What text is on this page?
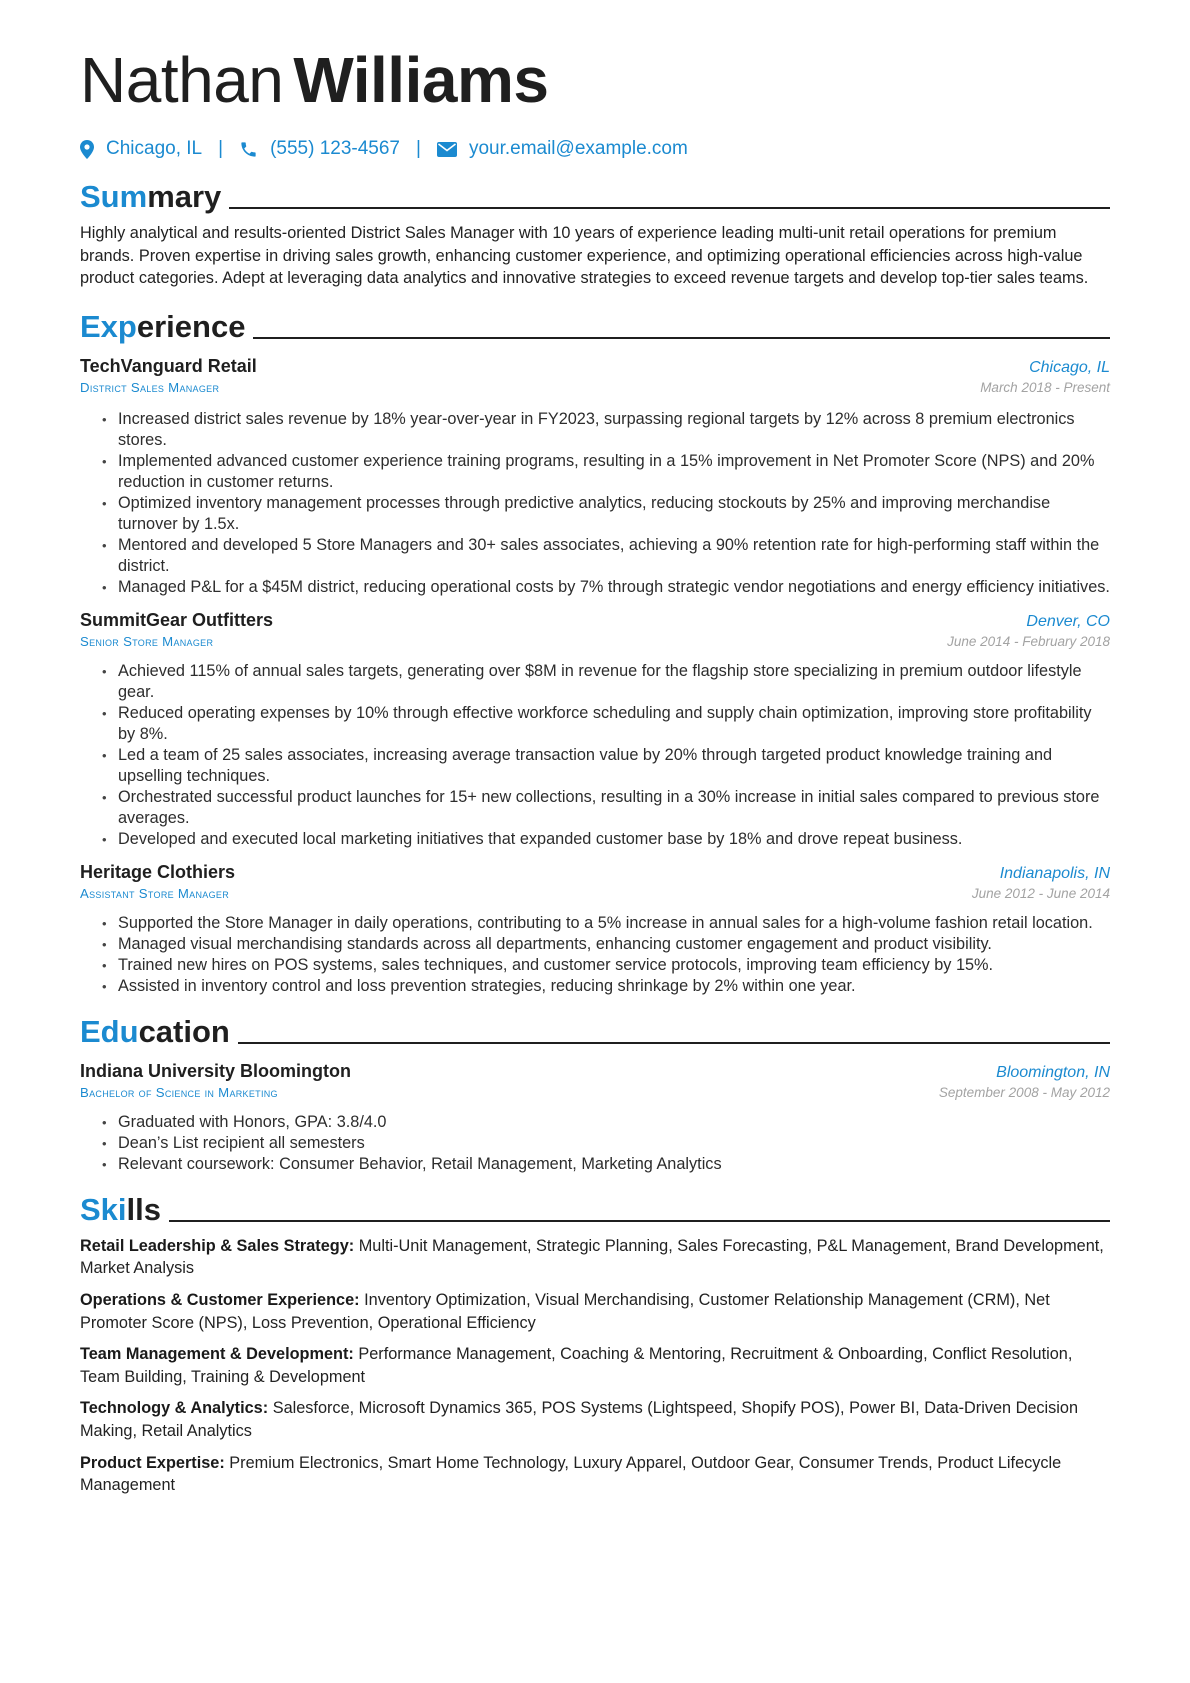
Nathan Williams
Chicago, IL | (555) 123-4567 |	your.email@example.com
Summary
Highly analytical and results-oriented District Sales Manager with 10 years of experience leading multi-unit retail operations for premium brands. Proven expertise in driving sales growth, enhancing customer experience, and optimizing operational efficiencies across high-value product categories. Adept at leveraging data analytics and innovative strategies to exceed revenue targets and develop top-tier sales teams.
Experience
TechVanguard Retail	Chicago, IL
District Sales Manager	March 2018 - Present
• Increased district sales revenue by 18% year-over-year in FY2023, surpassing regional targets by 12% across 8 premium electronics stores.
• Implemented advanced customer experience training programs, resulting in a 15% improvement in Net Promoter Score (NPS) and 20% reduction in customer returns.
• Optimized inventory management processes through predictive analytics, reducing stockouts by 25% and improving merchandise turnover by 1.5x.
• Mentored and developed 5 Store Managers and 30+ sales associates, achieving a 90% retention rate for high-performing staff within the district.
• Managed P&L for a $45M district, reducing operational costs by 7% through strategic vendor negotiations and energy efficiency initiatives.
SummitGear Outfitters	Denver, CO
Senior Store Manager	June 2014 - February 2018
• Achieved 115% of annual sales targets, generating over $8M in revenue for the flagship store specializing in premium outdoor lifestyle gear.
• Reduced operating expenses by 10% through effective workforce scheduling and supply chain optimization, improving store profitability by 8%.
• Led a team of 25 sales associates, increasing average transaction value by 20% through targeted product knowledge training and upselling techniques.
• Orchestrated successful product launches for 15+ new collections, resulting in a 30% increase in initial sales compared to previous store averages.
• Developed and executed local marketing initiatives that expanded customer base by 18% and drove repeat business.
Heritage Clothiers	Indianapolis, IN
Assistant Store Manager	June 2012 - June 2014
• Supported the Store Manager in daily operations, contributing to a 5% increase in annual sales for a high-volume fashion retail location.
• Managed visual merchandising standards across all departments, enhancing customer engagement and product visibility.
• Trained new hires on POS systems, sales techniques, and customer service protocols, improving team efficiency by 15%.
• Assisted in inventory control and loss prevention strategies, reducing shrinkage by 2% within one year.
Education
Indiana University Bloomington	Bloomington, IN
Bachelor of Science in Marketing	September 2008 - May 2012
• Graduated with Honors, GPA: 3.8/4.0
• Dean’s List recipient all semesters
• Relevant coursework: Consumer Behavior, Retail Management, Marketing Analytics
Skills
Retail Leadership & Sales Strategy: Multi-Unit Management, Strategic Planning, Sales Forecasting, P&L Management, Brand Development, Market Analysis
Operations & Customer Experience: Inventory Optimization, Visual Merchandising, Customer Relationship Management (CRM), Net Promoter Score (NPS), Loss Prevention, Operational Efficiency
Team Management & Development: Performance Management, Coaching & Mentoring, Recruitment & Onboarding, Conflict Resolution, Team Building, Training & Development
Technology & Analytics: Salesforce, Microsoft Dynamics 365, POS Systems (Lightspeed, Shopify POS), Power BI, Data-Driven Decision Making, Retail Analytics
Product Expertise: Premium Electronics, Smart Home Technology, Luxury Apparel, Outdoor Gear, Consumer Trends, Product Lifecycle Management
